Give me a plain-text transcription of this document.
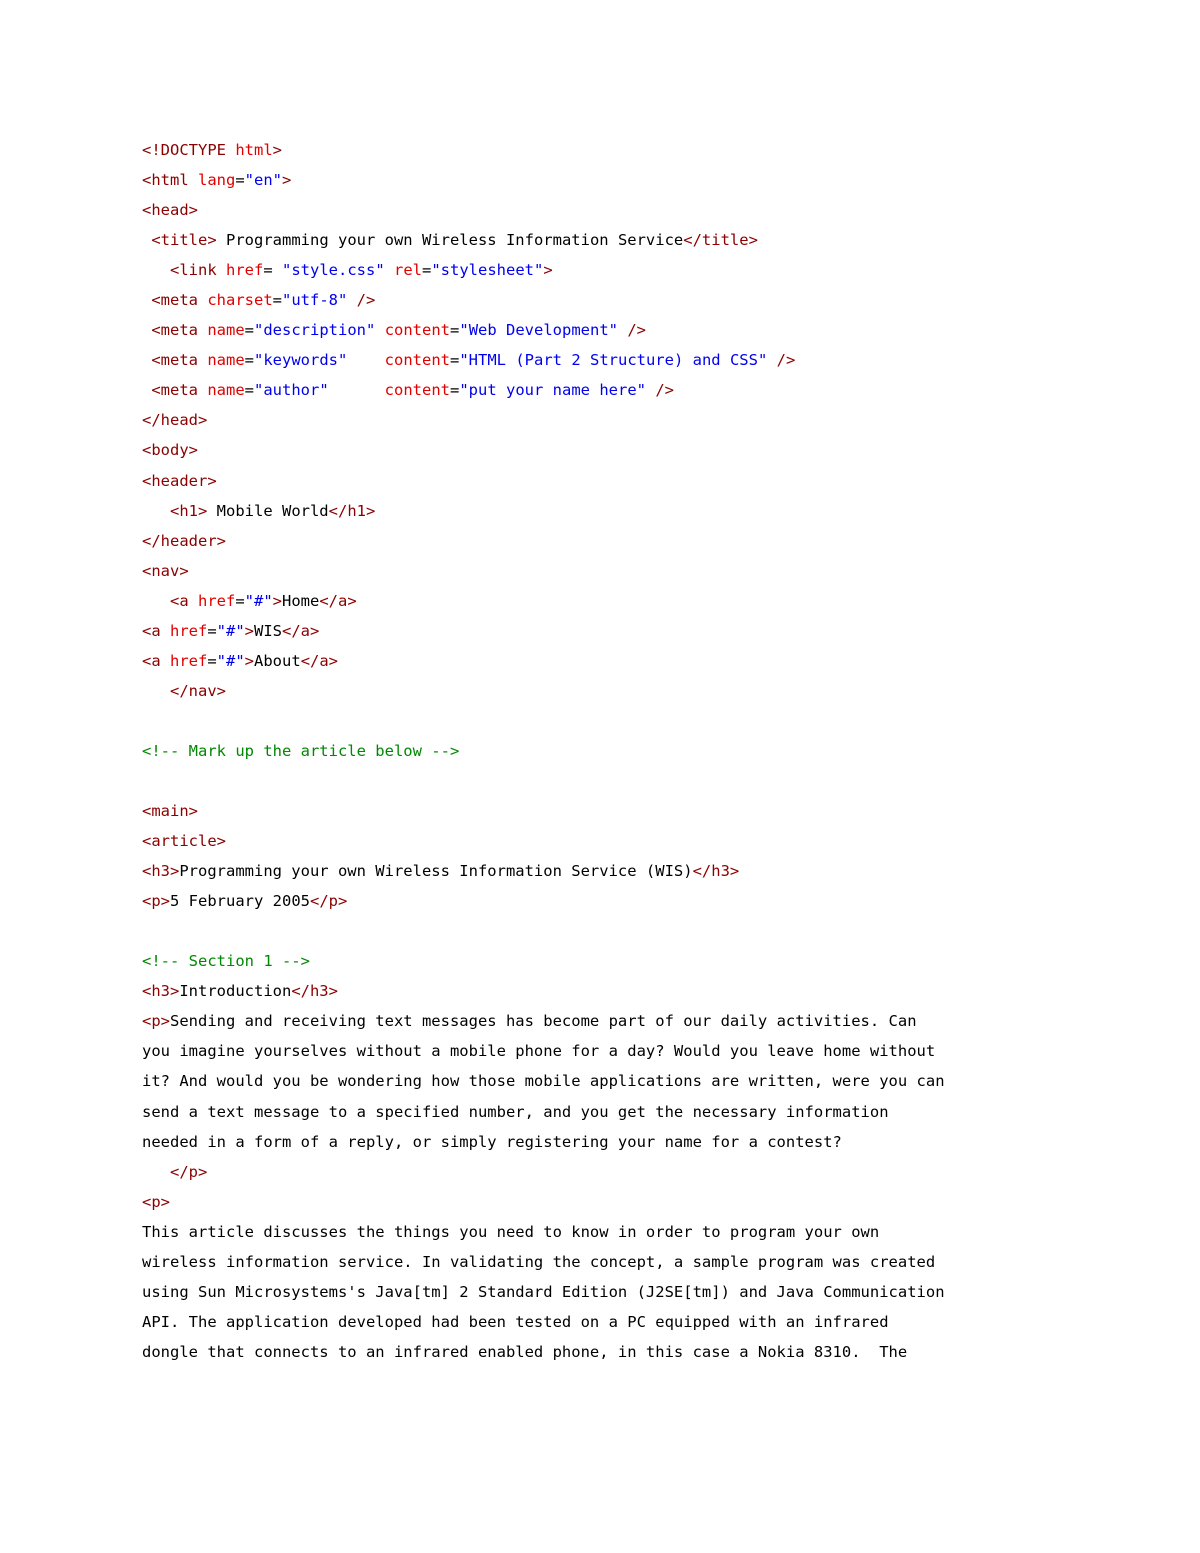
<!DOCTYPE html>
<html lang="en">
<head>
<title> Programming your own Wireless Information Service</title>
<link href= "style.css" rel="stylesheet">
<meta charset="utf-8" />
<meta name="description" content="Web Development" />
<meta name="keywords" content="HTML (Part 2 Structure) and CSS" />
<meta name="author"	content="put your name here" />
</head>
<body>
<header>
<h1> Mobile World</h1>
</header>
<nav>
<a href="#">Home</a>
<a href="#">WIS</a>
<a href="#">About</a>
</nav>
<!-- Mark up the article below -->
<main>
<article>
<h3>Programming your own Wireless Information Service (WIS)</h3>
<p>5 February 2005</p>
<!-- Section 1 -->
<h3>Introduction</h3>
<p>Sending and receiving text messages has become part of our daily activities. Can
you imagine yourselves without a mobile phone for a day? Would you leave home without
it? And would you be wondering how those mobile applications are written, were you can
send a text message to a specified number, and you get the necessary information
needed in a form of a reply, or simply registering your name for a contest?
</p>
<p>
This article discusses the things you need to know in order to program your own
wireless information service. In validating the concept, a sample program was created
using Sun Microsystems's Java[tm] 2 Standard Edition (J2SE[tm]) and Java Communication
API. The application developed had been tested on a PC equipped with an infrared
dongle that connects to an infrared enabled phone, in this case a Nokia 8310.  The
